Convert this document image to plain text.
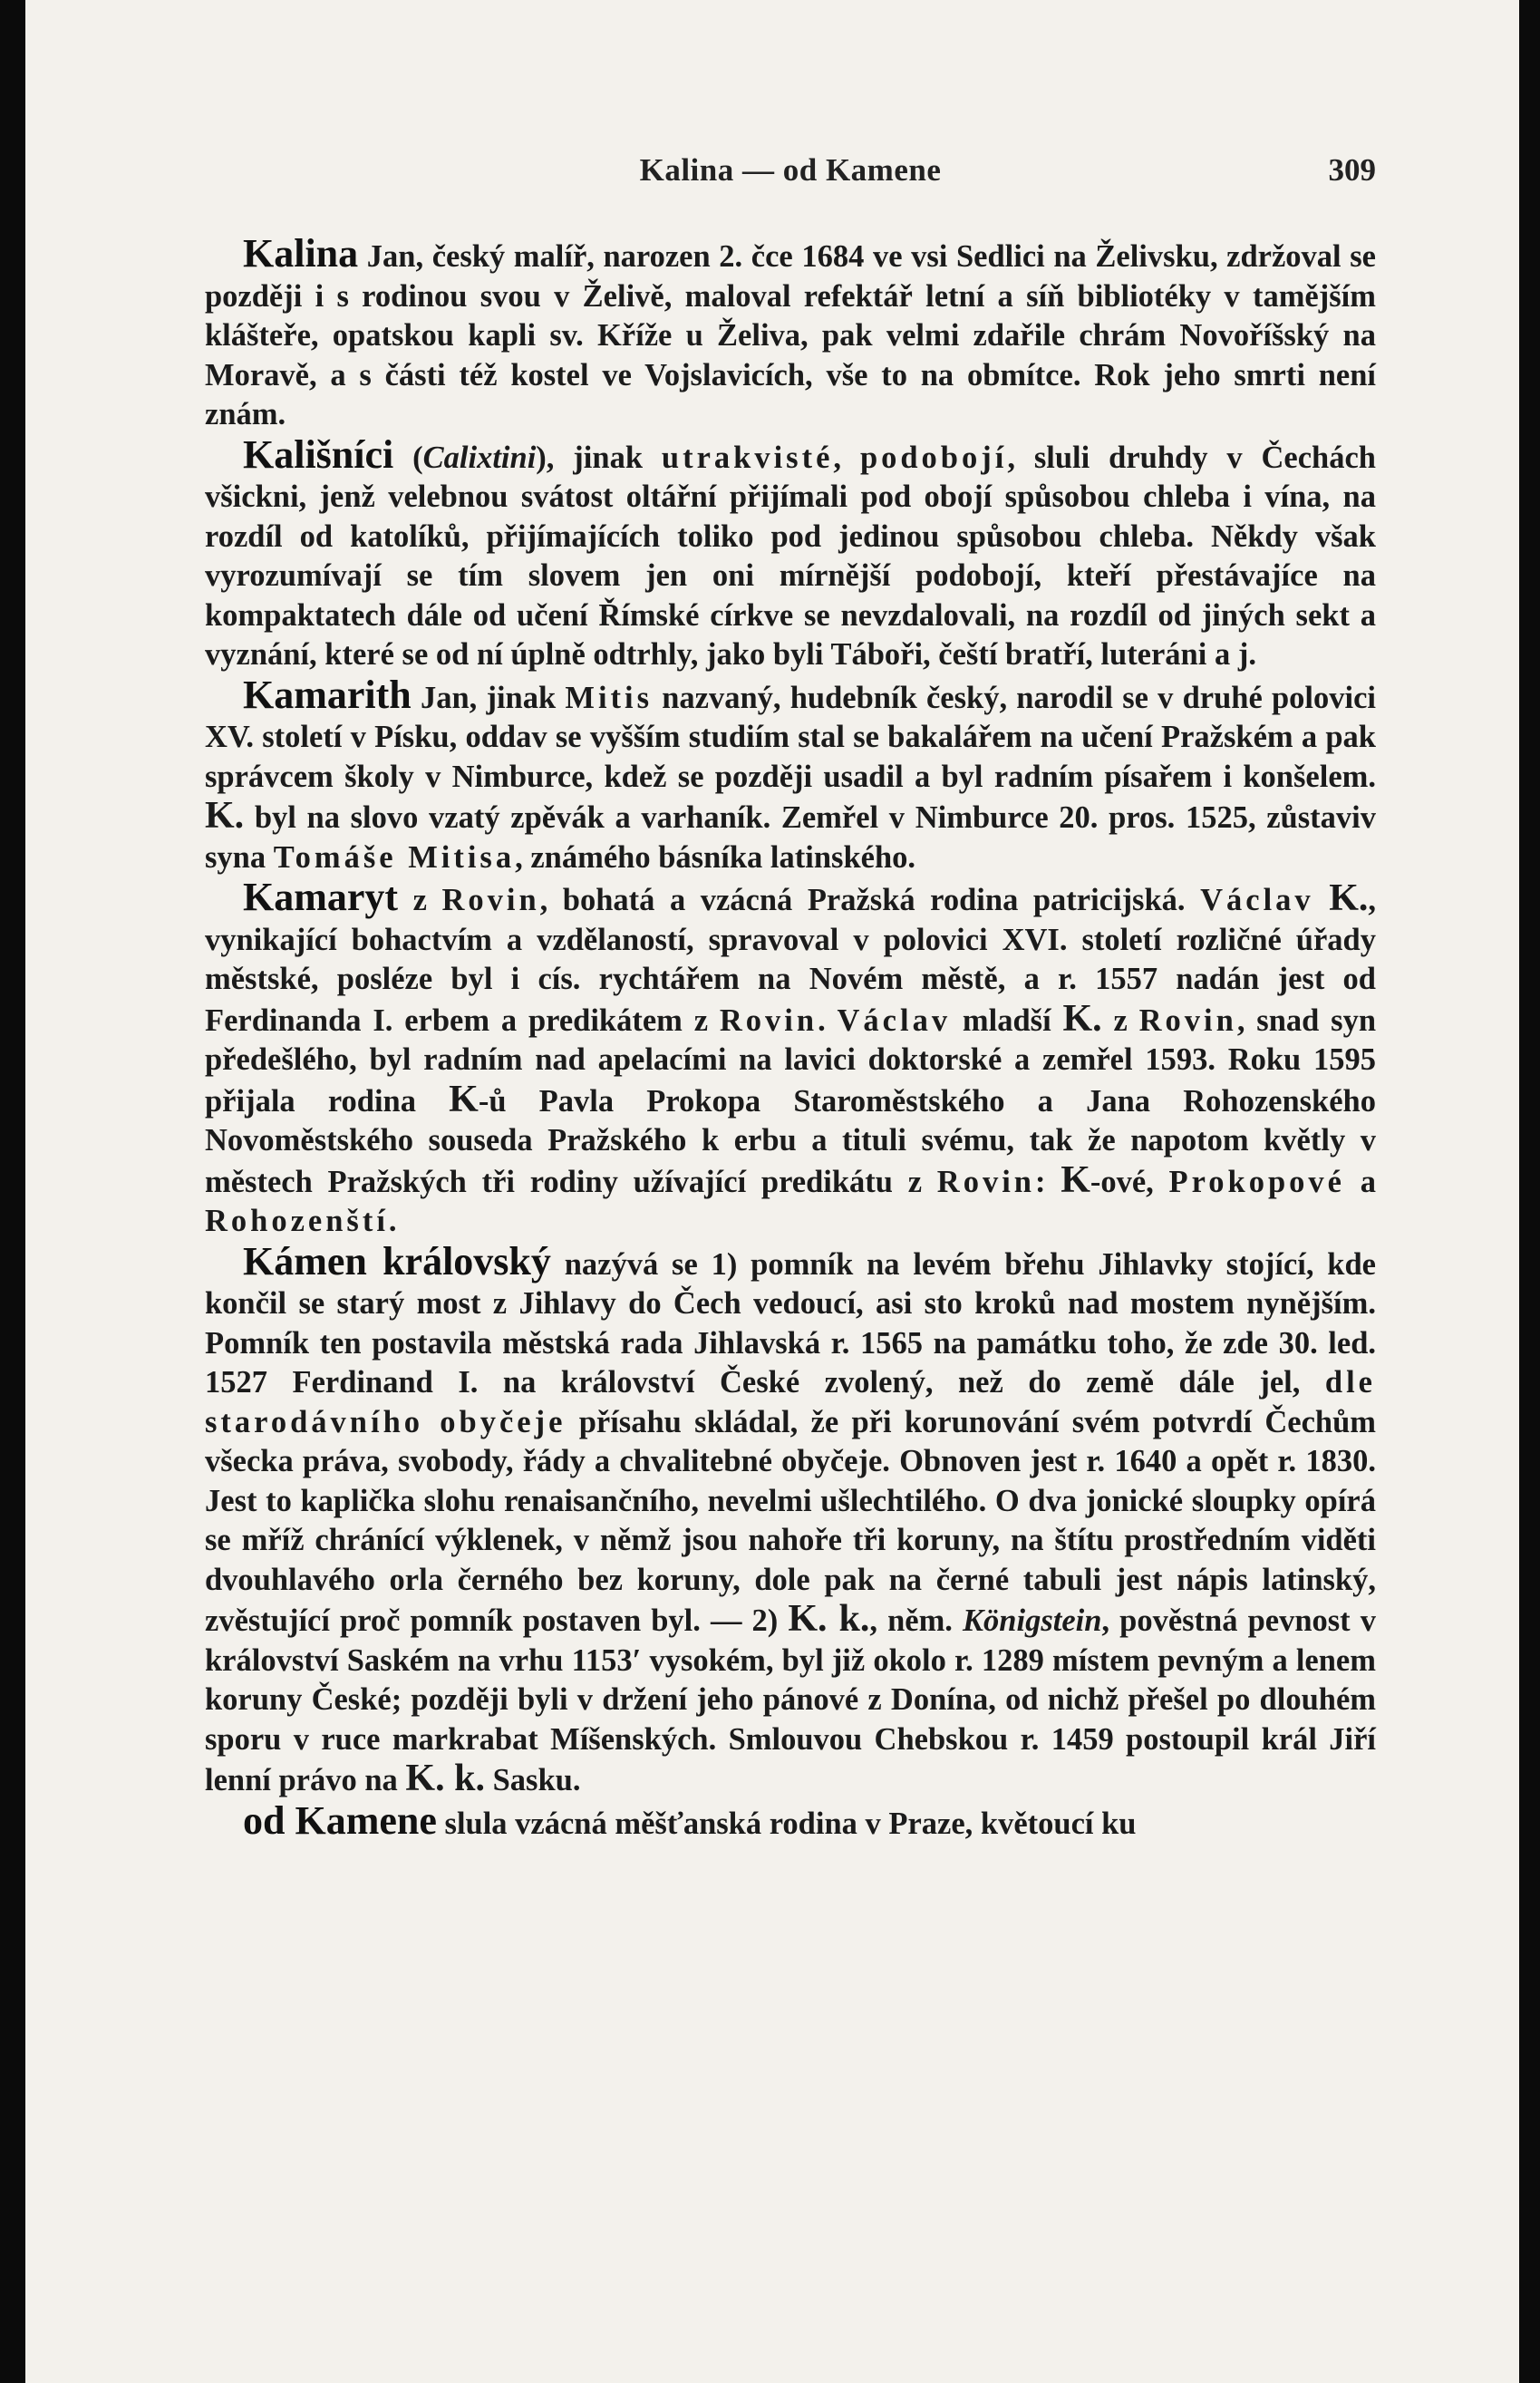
Kalina — od Kamene	309

Kalina Jan, český malíř, narozen 2. čce 1684 ve vsi Sedlici na Želivsku, zdržoval se později i s rodinou svou v Želivě, maloval refektář letní a síň bibliotéky v tamějším klášteře, opatskou kapli sv. Kříže u Želiva, pak velmi zdařile chrám Novoříšský na Moravě, a s části též kostel ve Vojslavicích, vše to na obmítce. Rok jeho smrti není znám.

Kališníci (Calixtini), jinak utrakvisté, podobojí, sluli druhdy v Čechách všickni, jenž velebnou svátost oltářní přijímali pod obojí spůsobou chleba i vína, na rozdíl od katolíků, přijímajících toliko pod jedinou spůsobou chleba. Někdy však vyrozumívají se tím slovem jen oni mírnější podobojí, kteří přestávajíce na kompaktatech dále od učení Římské církve se nevzdalovali, na rozdíl od jiných sekt a vyznání, které se od ní úplně odtrhly, jako byli Táboři, čeští bratří, luteráni a j.

Kamarith Jan, jinak Mitis nazvaný, hudebník český, narodil se v druhé polovici XV. století v Písku, oddav se vyšším studiím stal se bakalářem na učení Pražském a pak správcem školy v Nimburce, kdež se později usadil a byl radním písařem i konšelem. K. byl na slovo vzatý zpěvák a varhaník. Zemřel v Nimburce 20. pros. 1525, zůstaviv syna Tomáše Mitisa, známého básníka latinského.

Kamaryt z Rovin, bohatá a vzácná Pražská rodina patricijská. Václav K., vynikající bohactvím a vzdělaností, spravoval v polovici XVI. století rozličné úřady městské, posléze byl i cís. rychtářem na Novém městě, a r. 1557 nadán jest od Ferdinanda I. erbem a predikátem z Rovin. Václav mladší K. z Rovin, snad syn předešlého, byl radním nad apelacími na lavici doktorské a zemřel 1593. Roku 1595 přijala rodina K-ů Pavla Prokopa Staroměstského a Jana Rohozenského Novoměstského souseda Pražského k erbu a tituli svému, tak že napotom květly v městech Pražských tři rodiny užívající predikátu z Rovin: K-ové, Prokopové a Rohozenští.

Kámen královský nazývá se 1) pomník na levém břehu Jihlavky stojící, kde končil se starý most z Jihlavy do Čech vedoucí, asi sto kroků nad mostem nynějším. Pomník ten postavila městská rada Jihlavská r. 1565 na památku toho, že zde 30. led. 1527 Ferdinand I. na království České zvolený, než do země dále jel, dle starodávního obyčeje přísahu skládal, že při korunování svém potvrdí Čechům všecka práva, svobody, řády a chvalitebné obyčeje. Obnoven jest r. 1640 a opět r. 1830. Jest to kaplička slohu renaisančního, nevelmi ušlechtilého. O dva jonické sloupky opírá se mříž chránící výklenek, v němž jsou nahoře tři koruny, na štítu prostředním viděti dvouhlavého orla černého bez koruny, dole pak na černé tabuli jest nápis latinský, zvěstující proč pomník postaven byl. — 2) K. k., něm. Königstein, pověstná pevnost v království Saském na vrhu 1153′ vysokém, byl již okolo r. 1289 místem pevným a lenem koruny České; později byli v držení jeho pánové z Donína, od nichž přešel po dlouhém sporu v ruce markrabat Míšenských. Smlouvou Chebskou r. 1459 postoupil král Jiří lenní právo na K. k. Sasku.

od Kamene slula vzácná měšťanská rodina v Praze, květoucí ku
